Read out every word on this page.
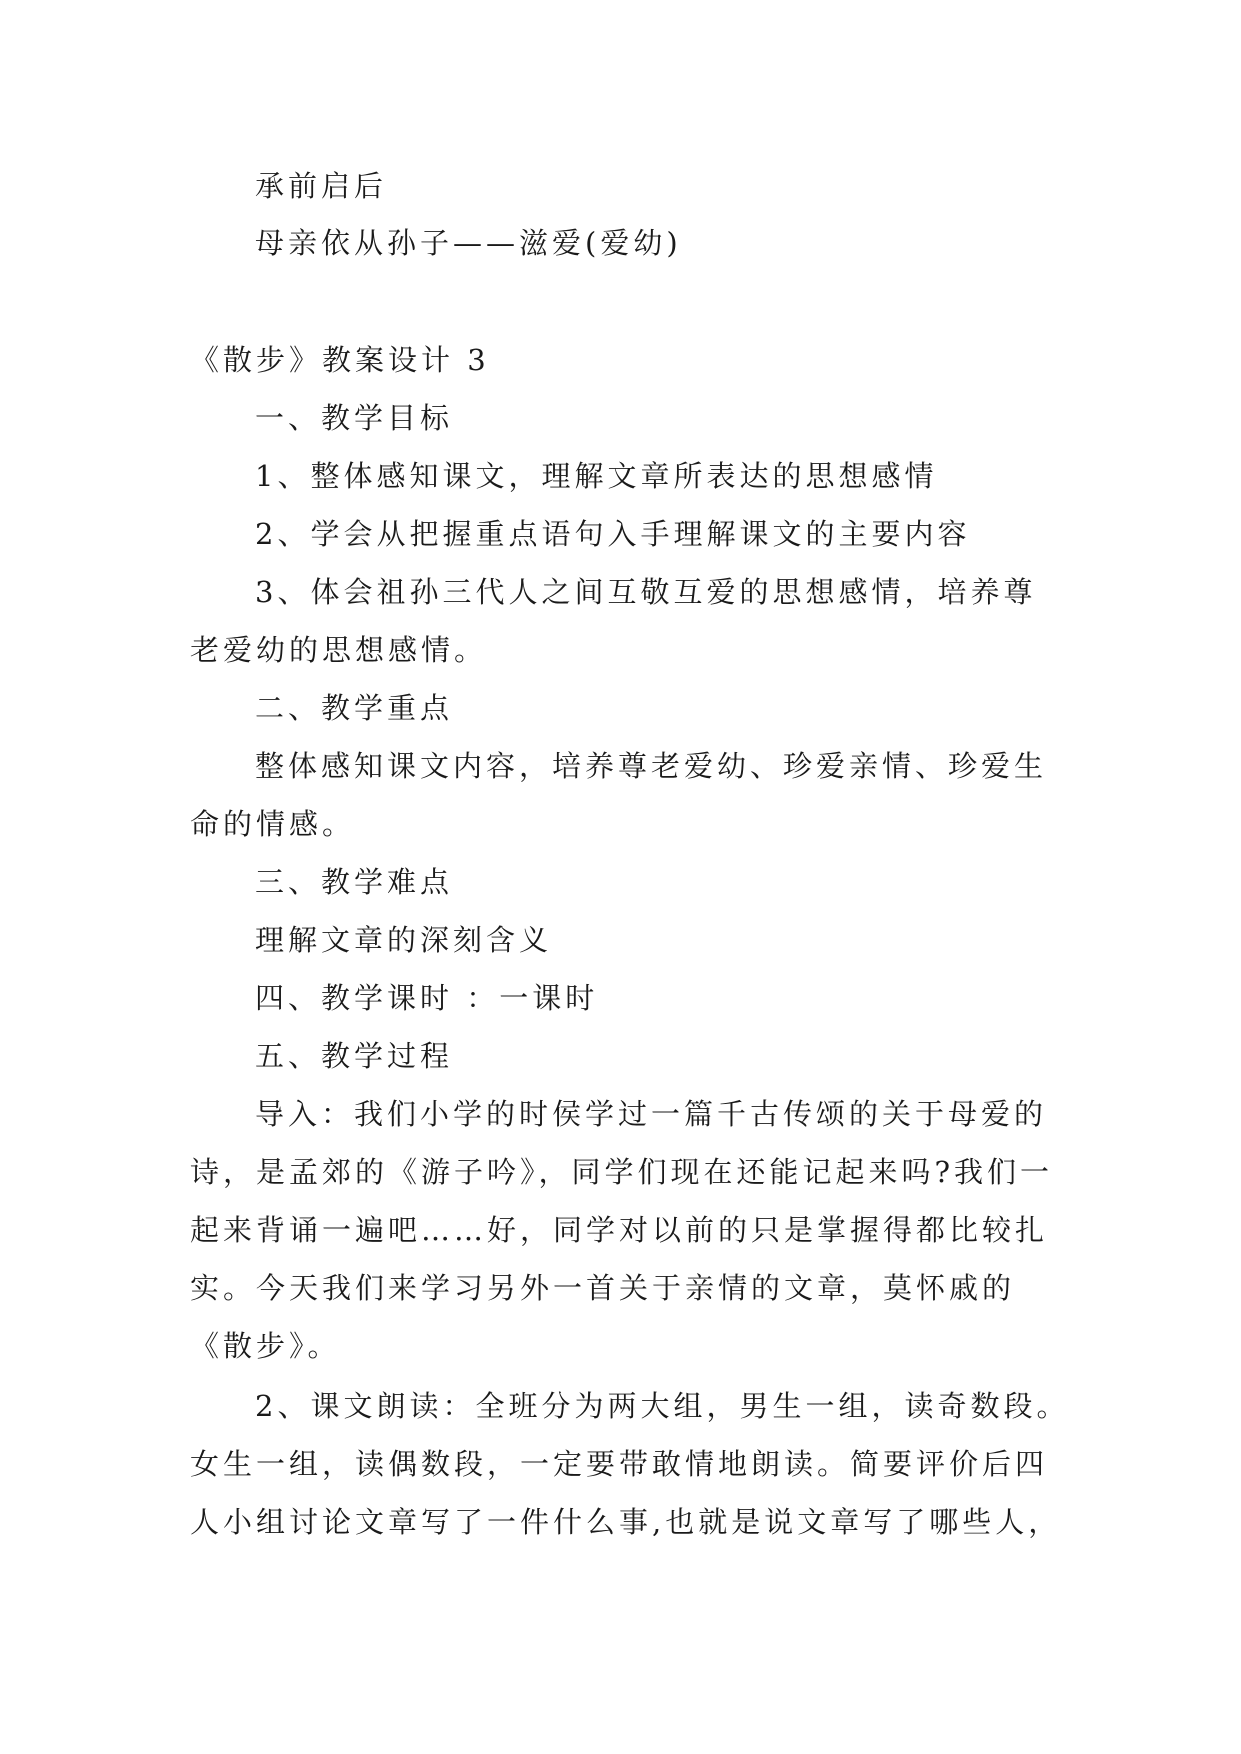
承前启后
母亲依从孙子——滋爱(爱幼)
《散步》教案设计 3
一、教学目标
1、整体感知课文，理解文章所表达的思想感情
2、学会从把握重点语句入手理解课文的主要内容
3、体会祖孙三代人之间互敬互爱的思想感情，培养尊
老爱幼的思想感情。
二、教学重点
整体感知课文内容，培养尊老爱幼、珍爱亲情、珍爱生
命的情感。
三、教学难点
理解文章的深刻含义
四、教学课时 ：一课时
五、教学过程
导入：我们小学的时侯学过一篇千古传颂的关于母爱的
诗，是孟郊的《游子吟》，同学们现在还能记起来吗?我们一
起来背诵一遍吧……好，同学对以前的只是掌握得都比较扎
实。今天我们来学习另外一首关于亲情的文章，莫怀戚的
《散步》。
2、课文朗读：全班分为两大组，男生一组，读奇数段。
女生一组，读偶数段，一定要带敢情地朗读。简要评价后四
人小组讨论文章写了一件什么事,也就是说文章写了哪些人，
